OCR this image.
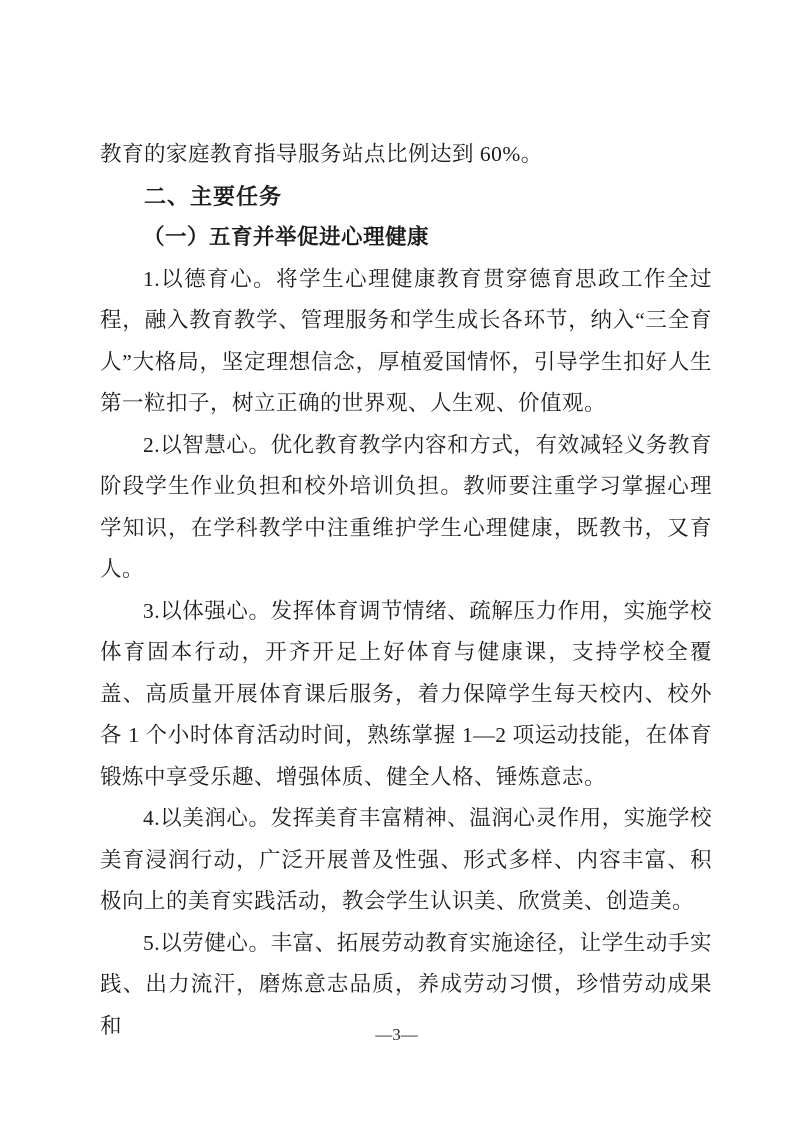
教育的家庭教育指导服务站点比例达到 60%。

二、主要任务
（一）五育并举促进心理健康

1.以德育心。将学生心理健康教育贯穿德育思政工作全过程，融入教育教学、管理服务和学生成长各环节，纳入“三全育人”大格局，坚定理想信念，厚植爱国情怀，引导学生扣好人生第一粒扣子，树立正确的世界观、人生观、价值观。

2.以智慧心。优化教育教学内容和方式，有效减轻义务教育阶段学生作业负担和校外培训负担。教师要注重学习掌握心理学知识，在学科教学中注重维护学生心理健康，既教书，又育人。

3.以体强心。发挥体育调节情绪、疏解压力作用，实施学校体育固本行动，开齐开足上好体育与健康课，支持学校全覆盖、高质量开展体育课后服务，着力保障学生每天校内、校外各 1 个小时体育活动时间，熟练掌握 1—2 项运动技能，在体育锻炼中享受乐趣、增强体质、健全人格、锤炼意志。

4.以美润心。发挥美育丰富精神、温润心灵作用，实施学校美育浸润行动，广泛开展普及性强、形式多样、内容丰富、积极向上的美育实践活动，教会学生认识美、欣赏美、创造美。

5.以劳健心。丰富、拓展劳动教育实施途径，让学生动手实践、出力流汗，磨炼意志品质，养成劳动习惯，珍惜劳动成果和	—3—
